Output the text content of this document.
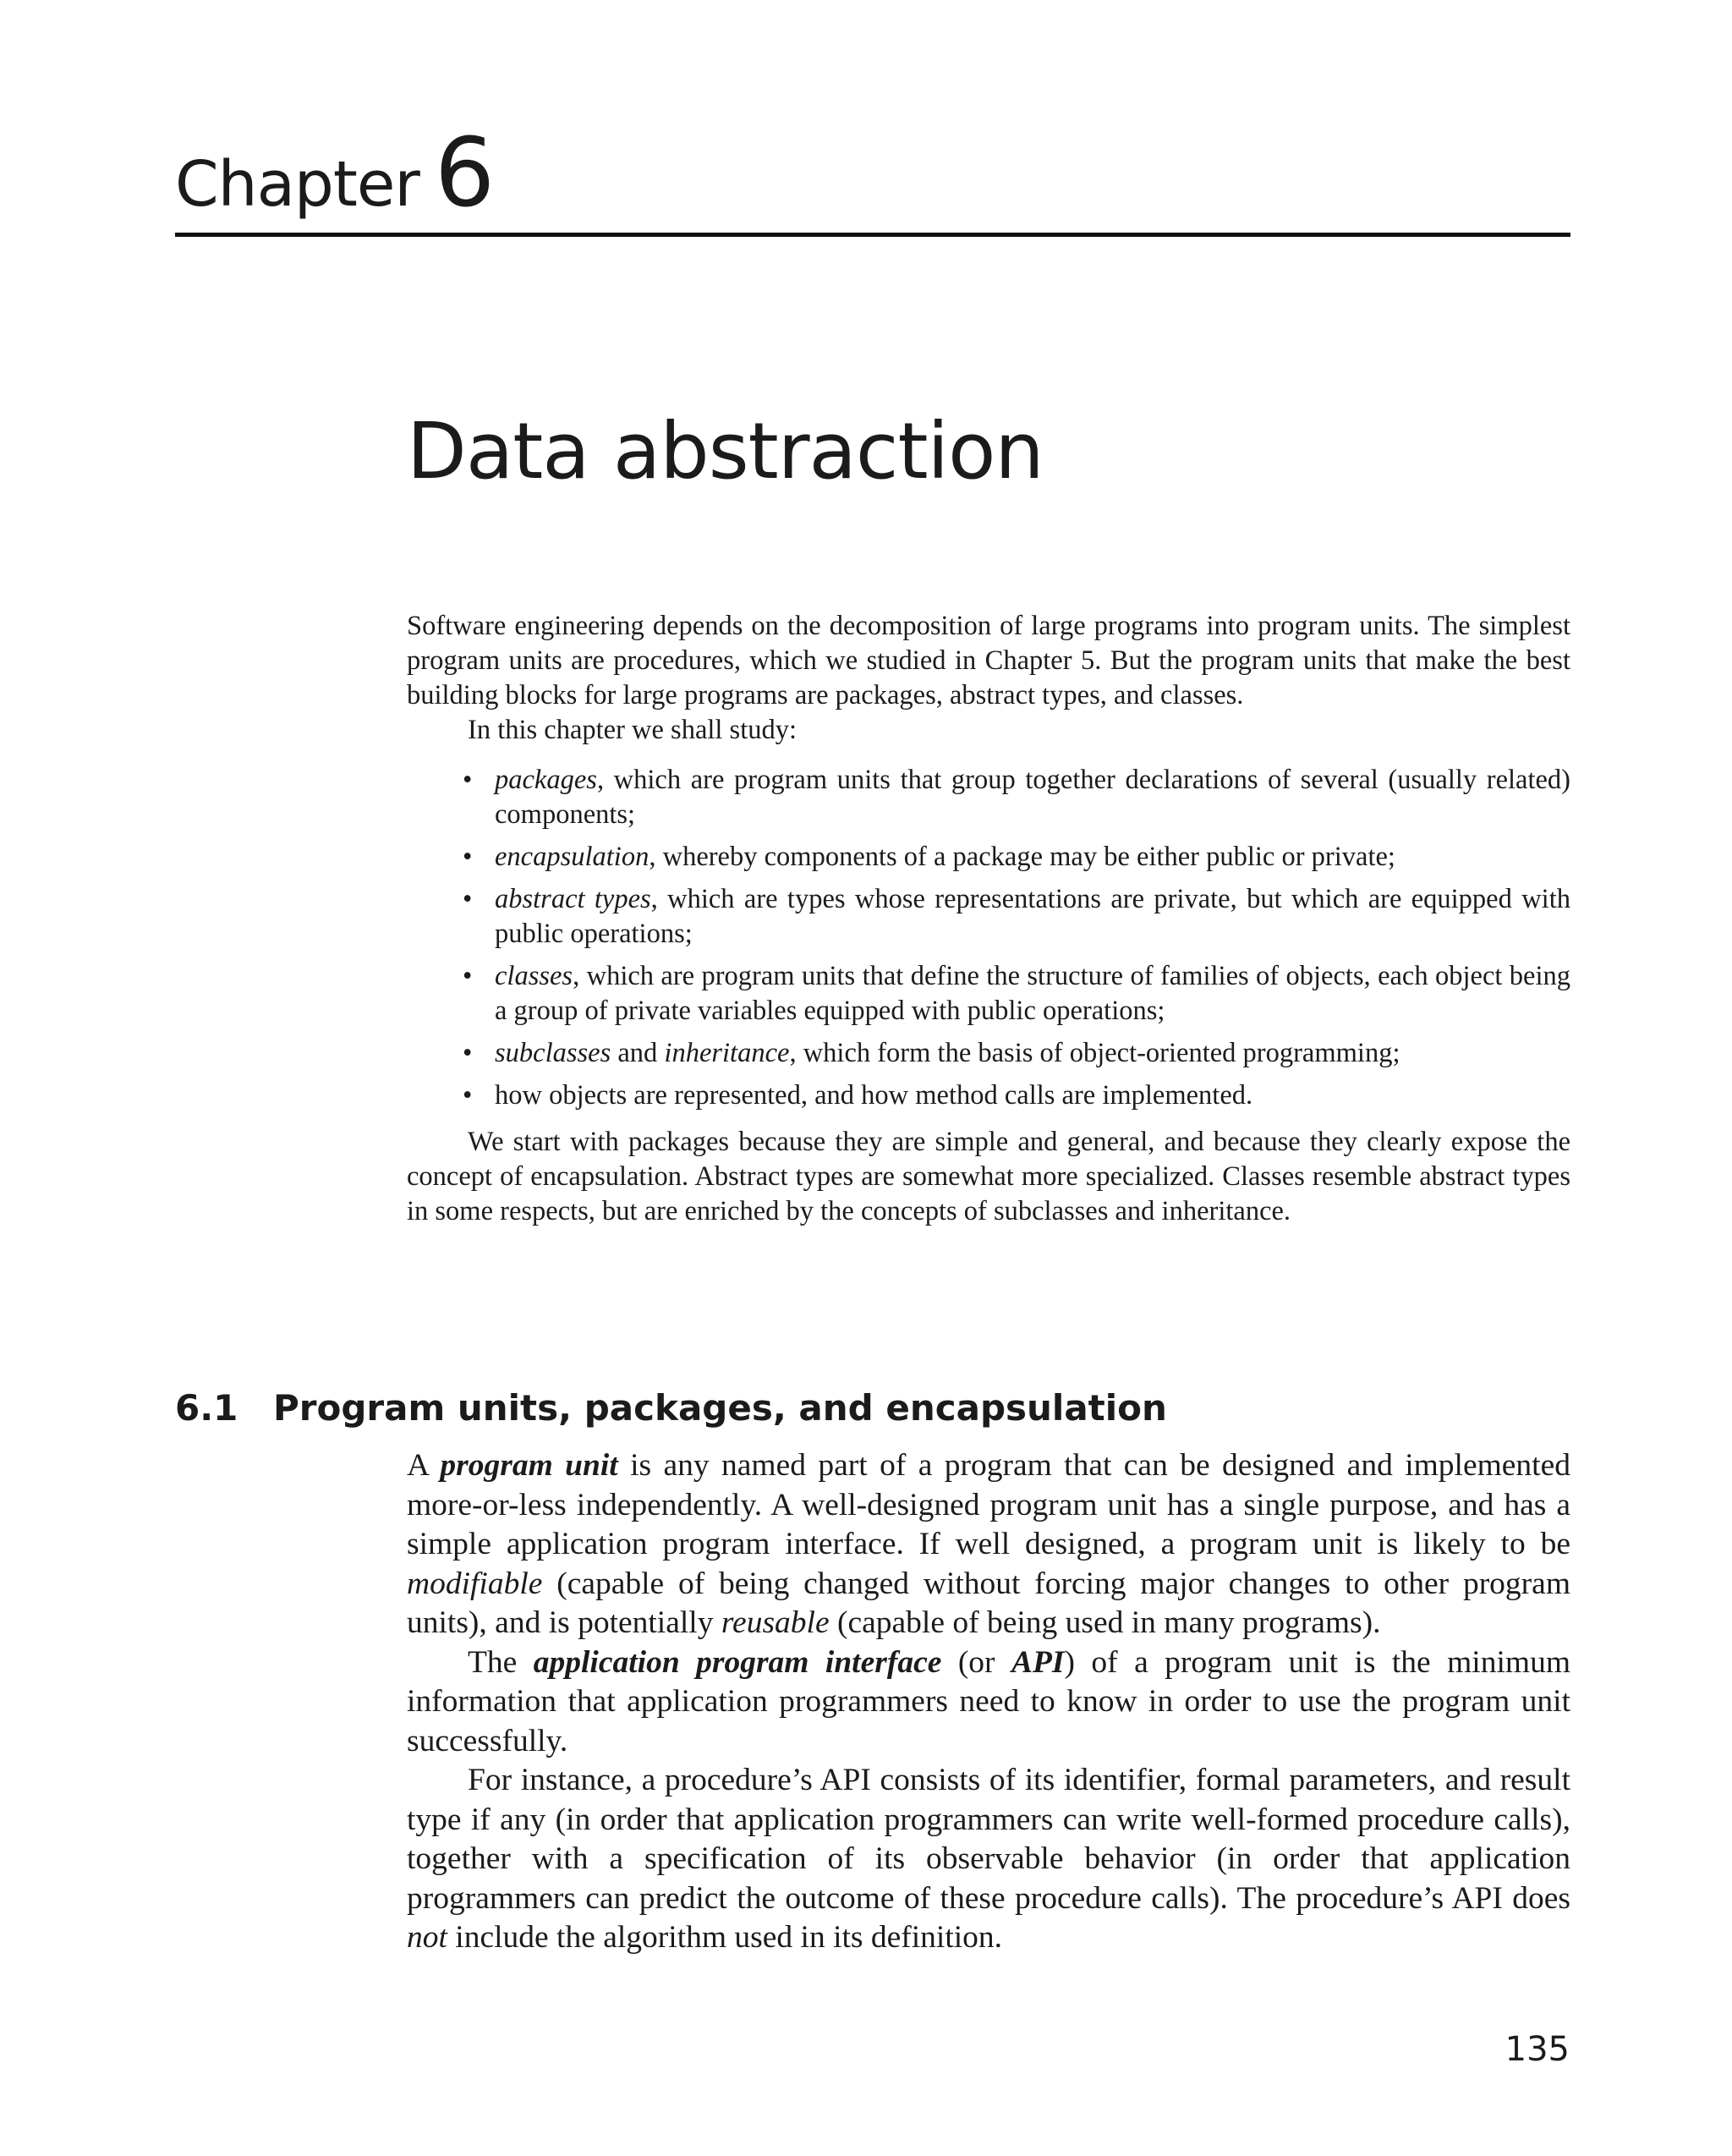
Chapter 6
Data abstraction

Software engineering depends on the decomposition of large programs into program units. The simplest program units are procedures, which we studied in Chapter 5. But the program units that make the best building blocks for large programs are packages, abstract types, and classes.

In this chapter we shall study:

• packages, which are program units that group together declarations of several (usually related) components;
• encapsulation, whereby components of a package may be either public or private;
• abstract types, which are types whose representations are private, but which are equipped with public operations;
• classes, which are program units that define the structure of families of objects, each object being a group of private variables equipped with public operations;
• subclasses and inheritance, which form the basis of object-oriented programming;
• how objects are represented, and how method calls are implemented.

We start with packages because they are simple and general, and because they clearly expose the concept of encapsulation. Abstract types are somewhat more specialized. Classes resemble abstract types in some respects, but are enriched by the concepts of subclasses and inheritance.

6.1 Program units, packages, and encapsulation

A program unit is any named part of a program that can be designed and implemented more-or-less independently. A well-designed program unit has a single purpose, and has a simple application program interface. If well designed, a program unit is likely to be modifiable (capable of being changed without forcing major changes to other program units), and is potentially reusable (capable of being used in many programs).

The application program interface (or API) of a program unit is the minimum information that application programmers need to know in order to use the program unit successfully.

For instance, a procedure’s API consists of its identifier, formal parameters, and result type if any (in order that application programmers can write well-formed procedure calls), together with a specification of its observable behavior (in order that application programmers can predict the outcome of these procedure calls). The procedure’s API does not include the algorithm used in its definition.

135
